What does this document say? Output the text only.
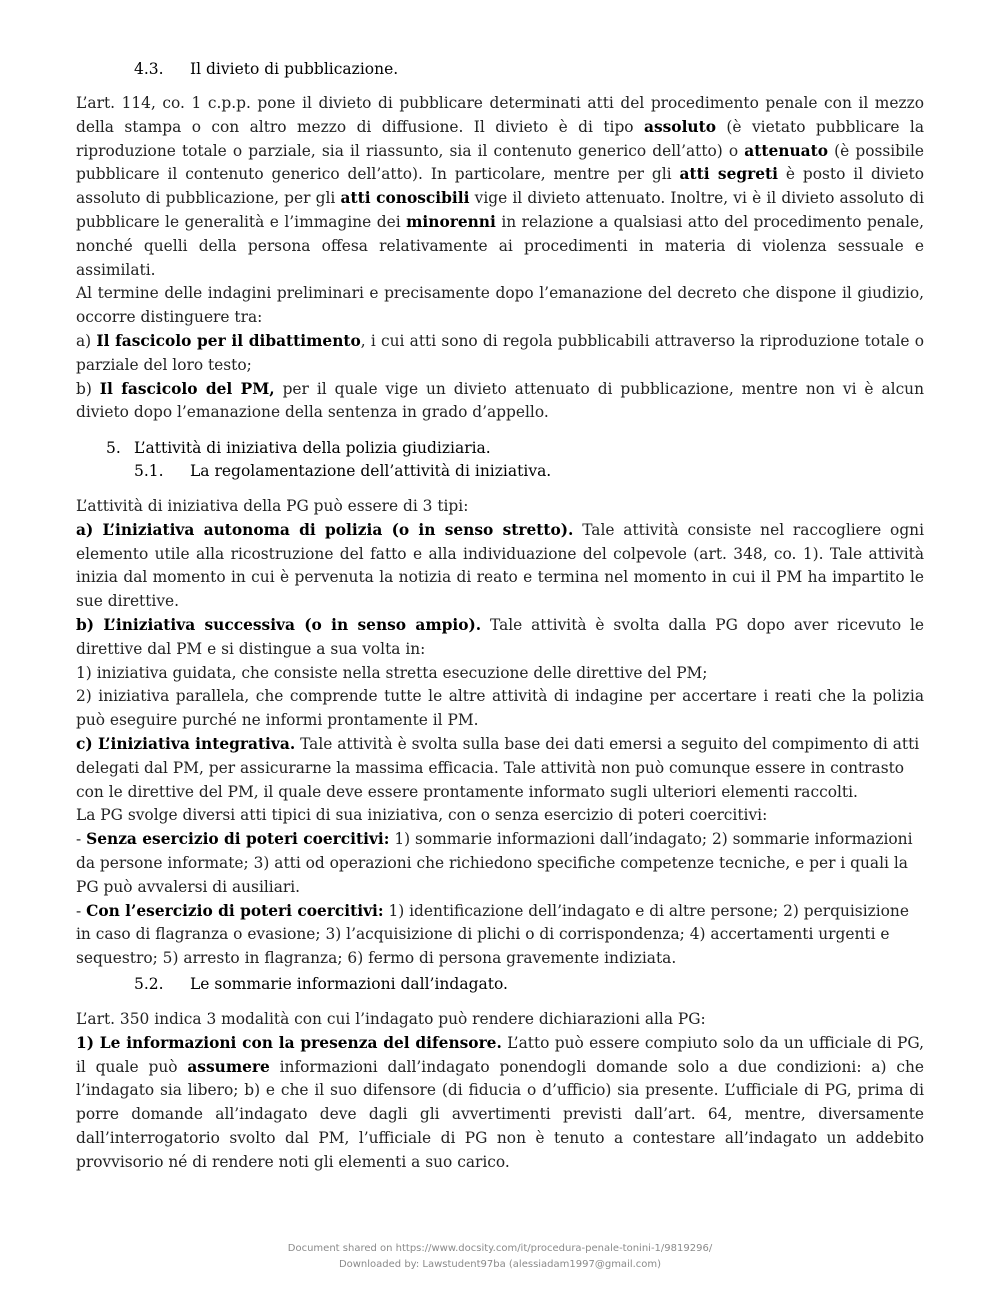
4.3. Il divieto di pubblicazione.

L’art. 114, co. 1 c.p.p. pone il divieto di pubblicare determinati atti del procedimento penale con il mezzo della stampa o con altro mezzo di diffusione. Il divieto è di tipo assoluto (è vietato pubblicare la riproduzione totale o parziale, sia il riassunto, sia il contenuto generico dell’atto) o attenuato (è possibile pubblicare il contenuto generico dell’atto). In particolare, mentre per gli atti segreti è posto il divieto assoluto di pubblicazione, per gli atti conoscibili vige il divieto attenuato. Inoltre, vi è il divieto assoluto di pubblicare le generalità e l’immagine dei minorenni in relazione a qualsiasi atto del procedimento penale, nonché quelli della persona offesa relativamente ai procedimenti in materia di violenza sessuale e assimilati.

Al termine delle indagini preliminari e precisamente dopo l’emanazione del decreto che dispone il giudizio, occorre distinguere tra:

a) Il fascicolo per il dibattimento, i cui atti sono di regola pubblicabili attraverso la riproduzione totale o parziale del loro testo;

b) Il fascicolo del PM, per il quale vige un divieto attenuato di pubblicazione, mentre non vi è alcun divieto dopo l’emanazione della sentenza in grado d’appello.

5. L’attività di iniziativa della polizia giudiziaria.
5.1. La regolamentazione dell’attività di iniziativa.

L’attività di iniziativa della PG può essere di 3 tipi:

a) L’iniziativa autonoma di polizia (o in senso stretto). Tale attività consiste nel raccogliere ogni elemento utile alla ricostruzione del fatto e alla individuazione del colpevole (art. 348, co. 1). Tale attività inizia dal momento in cui è pervenuta la notizia di reato e termina nel momento in cui il PM ha impartito le sue direttive.

b) L’iniziativa successiva (o in senso ampio). Tale attività è svolta dalla PG dopo aver ricevuto le direttive dal PM e si distingue a sua volta in:

1) iniziativa guidata, che consiste nella stretta esecuzione delle direttive del PM;

2) iniziativa parallela, che comprende tutte le altre attività di indagine per accertare i reati che la polizia può eseguire purché ne informi prontamente il PM.

c) L’iniziativa integrativa. Tale attività è svolta sulla base dei dati emersi a seguito del compimento di atti delegati dal PM, per assicurarne la massima efficacia. Tale attività non può comunque essere in contrasto con le direttive del PM, il quale deve essere prontamente informato sugli ulteriori elementi raccolti.

La PG svolge diversi atti tipici di sua iniziativa, con o senza esercizio di poteri coercitivi:

- Senza esercizio di poteri coercitivi: 1) sommarie informazioni dall’indagato; 2) sommarie informazioni da persone informate; 3) atti od operazioni che richiedono specifiche competenze tecniche, e per i quali la PG può avvalersi di ausiliari.

- Con l’esercizio di poteri coercitivi: 1) identificazione dell’indagato e di altre persone; 2) perquisizione in caso di flagranza o evasione; 3) l’acquisizione di plichi o di corrispondenza; 4) accertamenti urgenti e sequestro; 5) arresto in flagranza; 6) fermo di persona gravemente indiziata.

5.2. Le sommarie informazioni dall’indagato.

L’art. 350 indica 3 modalità con cui l’indagato può rendere dichiarazioni alla PG:

1) Le informazioni con la presenza del difensore. L’atto può essere compiuto solo da un ufficiale di PG, il quale può assumere informazioni dall’indagato ponendogli domande solo a due condizioni: a) che l’indagato sia libero; b) e che il suo difensore (di fiducia o d’ufficio) sia presente. L’ufficiale di PG, prima di porre domande all’indagato deve dagli gli avvertimenti previsti dall’art. 64, mentre, diversamente dall’interrogatorio svolto dal PM, l’ufficiale di PG non è tenuto a contestare all’indagato un addebito provvisorio né di rendere noti gli elementi a suo carico.

Document shared on https://www.docsity.com/it/procedura-penale-tonini-1/9819296/
Downloaded by: Lawstudent97ba (alessiadam1997@gmail.com)
